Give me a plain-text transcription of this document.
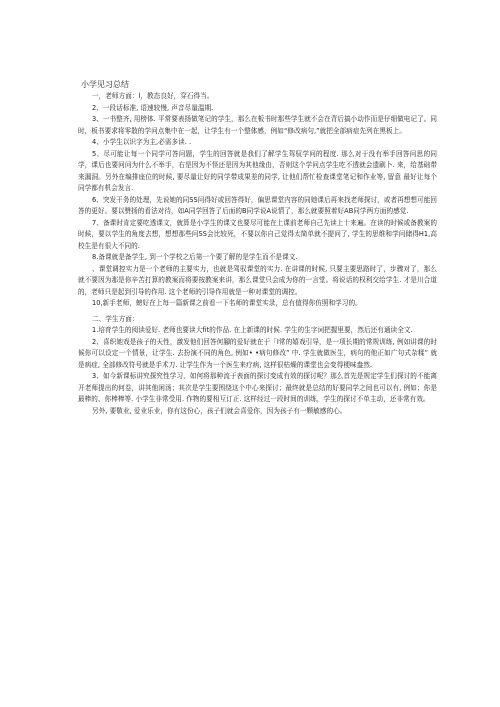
小学见习总结

一，老师方面：l，教态良好，穿石得当。

2、一段话标准, 语速较慢, 声音尽量温期.

3、一书整齐, 用榜体. 平常要表扬做笔记的学生，那么在板书时那些学生就不会在背后搞小动作而是仔细做电记了。同时，板书要求将零散的学问点集中在一起，让学生有一个整体感，例如“修改病句,”就把全部病症先列在黑板上。

4、小学生以识字为主,必需多读. .

5、尽可能让每一个同学可答问题，学生的回答就是我们了解学生驾驭学问的程度. 那么对于没有举手回答问思的同学，课后也要问问为什么不举手，右是因为不怪还是因为其他缘由，否则这个学问点学生吃不透就会遗刷卜. 来，给基础带来漏洞。另外在编排座位的时候, 要尽量让好的同学带成果差的同学, 让他们帮忙检查课堂笔记和作业等, 留意 最好让每个同学都有机会发言.

6、突发干务的处理，先说她的同SS问得好或回答得好，偏思课堂内容的同她课后再来找老师探讨，或者再想想可能回答的更好。要以赞扬的看法对待，如A同学回答了后面的B同学说A说情了，那么就要照着好AB同学两方面的感觉.

7、备课时肯定要吃透课文，就算是小学生的课文也要尽可能在上课前老师自己先读上十来遍。在读的时候或备教案的时候，要以学生的角度去想，想想那些问SS会比较死，不要以你自己觉得太简单就不提问了, 学生的思维和学问储得H1,高校生是有很大不同的.

8.备课就是备学生, 到一个学校之后第一个要了解的是学生而不是课文.

、课堂调控实力是一个老师的主要实力，也就是驾驭课堂的实力. 在讲课的时候, 只要主要思路时了，步骤对了，那么就不要因为那是你辛苦打算的教案而将要按教案来讲，那么课堂只会成为你的一言堂。将说话的权利交给学生. 才是川合道的，老师只是起到引导的作用. 这个老师的引导作用就是一种对课堂的调控。

10,新手老师，螃好在上每一篇新课之前看一下名师的课堂实录，总有值得你仿照和学习的。

二、学生方面：

1.培育学生的阅读爱好. 老师也要读大fit的作品. 在上新课的时候. 学生的生字词把握里要，然后还有通读全文.

2、喜织她戏是孩子的天性，激发他们回答何腳的爱好就在于「I常的嬉戏引导，是一项长期的常规训练, 例如讲课的时候你可以设定一个情景，让学生. 去扮演不同的角色, 例如• •病句修改” 中. 学生就做医生，病句的他正如广句式杂糅” 就是病症, 全部修改符号就是手术刀. 让学生作为一个医生来疗病, 这样很枯燥的课堂也会变得梗味盎然.

3、如今新课标讲究探究性学习，如何将那种流于表面的探讨变成有效的探讨呢？那么首先是规定学生们探讨的不能离开老师提出的何卷，讲其他闲汤；其次是学生要围绕这个中心来探讨；最终就是总结的好要同学之间也可以有, 例如；你是最棒的、你棒棒等. 小学生非常受用. 作物的要相互订正. 这样经过一段时间的训练，学生的探讨不单主动，还非常有效。

另外, 要敬业, 爱业乐业，你有这份心，孩子们就会喜爱你，因为孩子有一颗敏感的心。
